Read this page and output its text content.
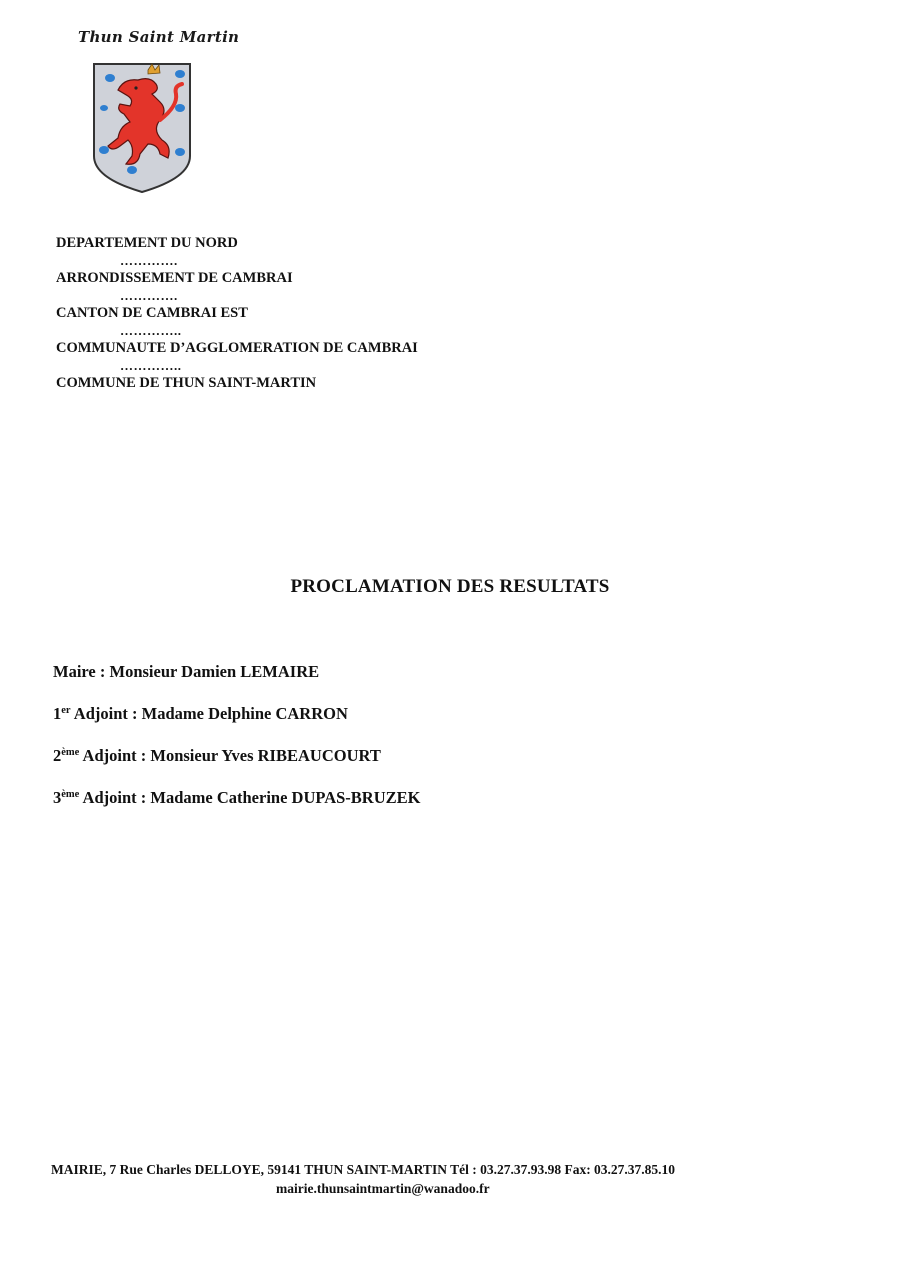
Thun Saint Martin
DEPARTEMENT DU NORD
………….
ARRONDISSEMENT DE CAMBRAI
………….
CANTON DE CAMBRAI EST
…………..
COMMUNAUTE D’AGGLOMERATION DE CAMBRAI
…………..
COMMUNE DE THUN SAINT-MARTIN
PROCLAMATION DES RESULTATS
Maire : Monsieur Damien LEMAIRE
1er Adjoint : Madame Delphine CARRON
2ème Adjoint : Monsieur Yves RIBEAUCOURT
3ème Adjoint : Madame Catherine DUPAS-BRUZEK
MAIRIE, 7 Rue Charles DELLOYE, 59141 THUN SAINT-MARTIN Tél : 03.27.37.93.98 Fax: 03.27.37.85.10
mairie.thunsaintmartin@wanadoo.fr
